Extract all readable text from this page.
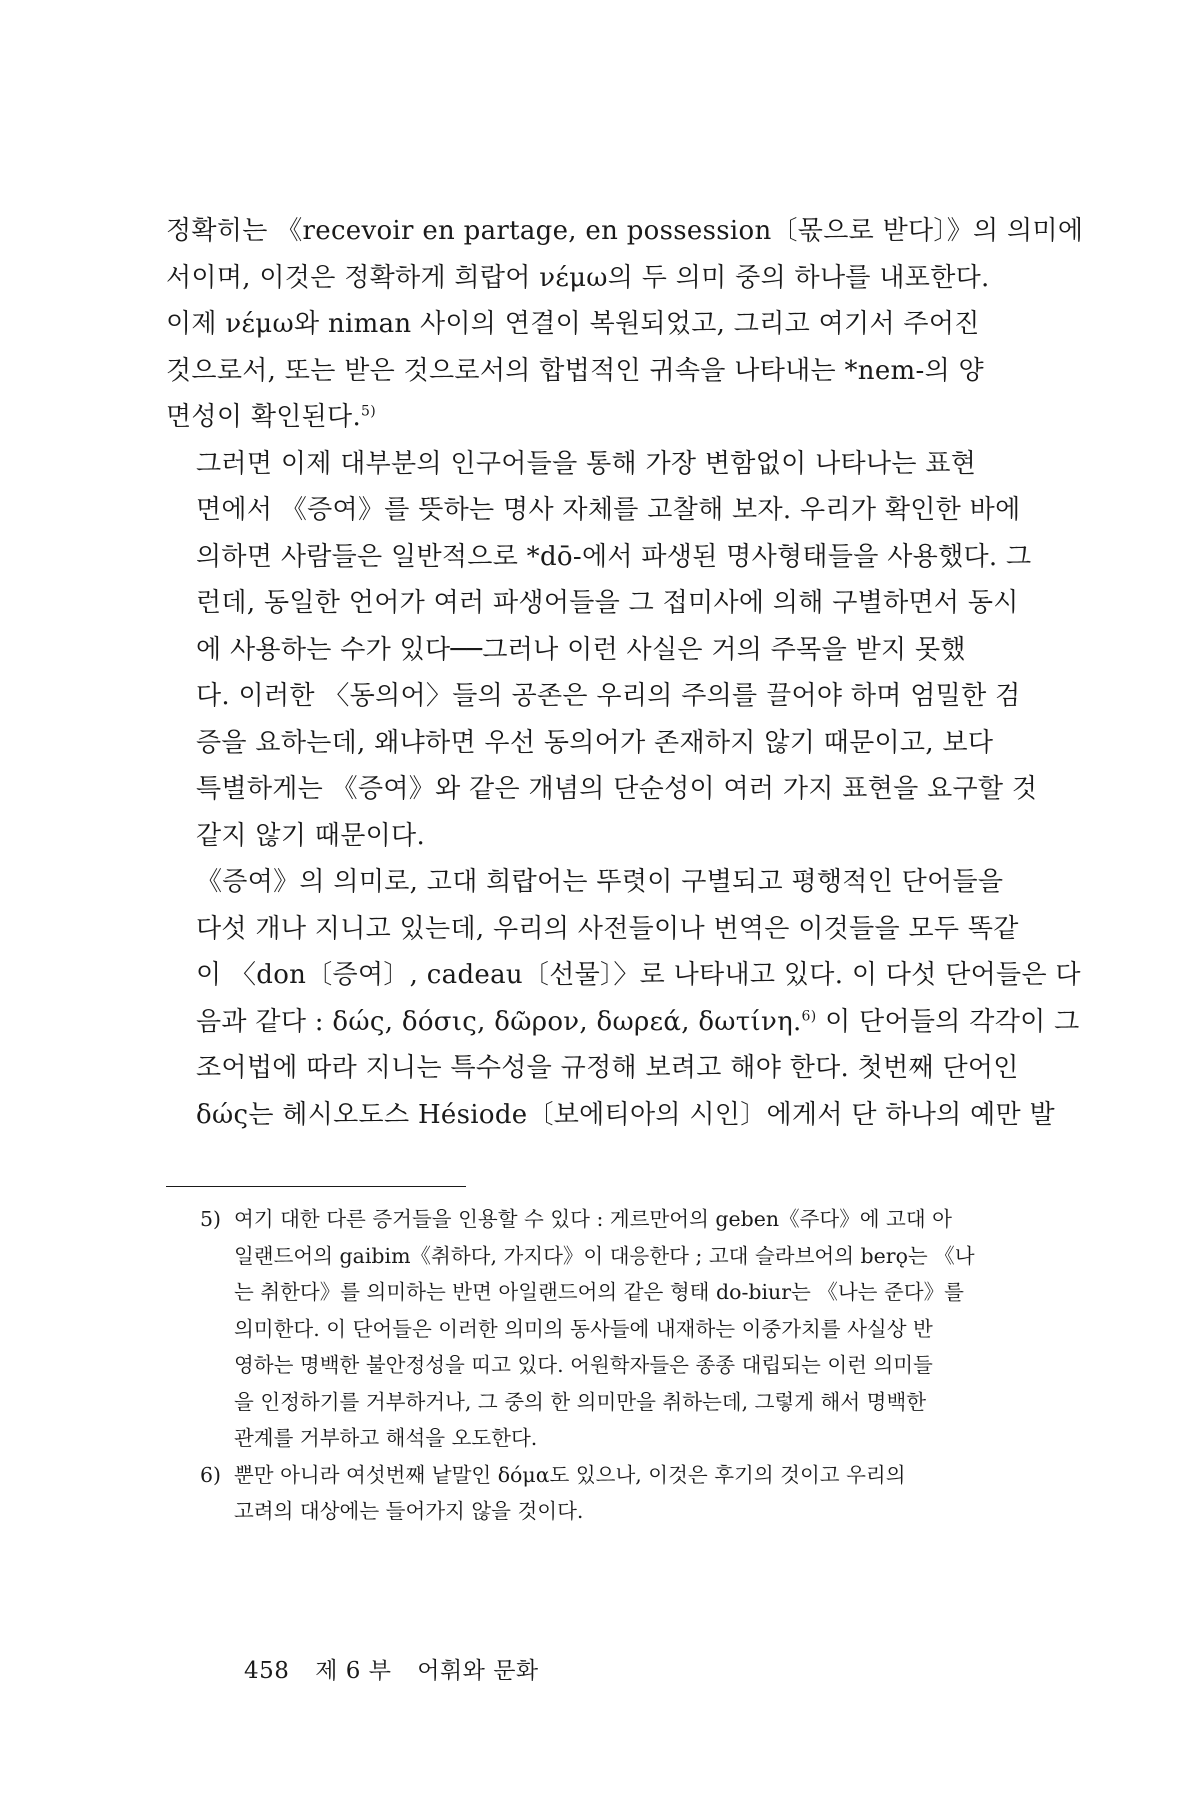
정확히는 《recevoir en partage, en possession〔몫으로 받다〕》의 의미에
서이며, 이것은 정확하게 희랍어 νέμω의 두 의미 중의 하나를 내포한다.
이제 νέμω와 niman 사이의 연결이 복원되었고, 그리고 여기서 주어진
것으로서, 또는 받은 것으로서의 합법적인 귀속을 나타내는 *nem-의 양
면성이 확인된다.$^{5)}$

그러면 이제 대부분의 인구어들을 통해 가장 변함없이 나타나는 표현
면에서 《증여》를 뜻하는 명사 자체를 고찰해 보자. 우리가 확인한 바에
의하면 사람들은 일반적으로 *dō-에서 파생된 명사형태들을 사용했다. 그
런데, 동일한 언어가 여러 파생어들을 그 접미사에 의해 구별하면서 동시
에 사용하는 수가 있다──그러나 이런 사실은 거의 주목을 받지 못했
다. 이러한 〈동의어〉들의 공존은 우리의 주의를 끌어야 하며 엄밀한 검
증을 요하는데, 왜냐하면 우선 동의어가 존재하지 않기 때문이고, 보다
특별하게는 《증여》와 같은 개념의 단순성이 여러 가지 표현을 요구할 것
같지 않기 때문이다.

《증여》의 의미로, 고대 희랍어는 뚜렷이 구별되고 평행적인 단어들을
다섯 개나 지니고 있는데, 우리의 사전들이나 번역은 이것들을 모두 똑같
이 〈don〔증여〕, cadeau〔선물〕〉로 나타내고 있다. 이 다섯 단어들은 다
음과 같다 : δώς, δόσις, δῶρον, δωρεά, δωτίνη.$^{6)}$ 이 단어들의 각각이 그
조어법에 따라 지니는 특수성을 규정해 보려고 해야 한다. 첫번째 단어인
δώς는 헤시오도스 Hésiode〔보에티아의 시인〕에게서 단 하나의 예만 발

5) 여기 대한 다른 증거들을 인용할 수 있다 : 게르만어의 geben《주다》에 고대 아
일랜드어의 gaibim《취하다, 가지다》이 대응한다 ; 고대 슬라브어의 berǫ는 《나
는 취한다》를 의미하는 반면 아일랜드어의 같은 형태 do-biur는 《나는 준다》를
의미한다. 이 단어들은 이러한 의미의 동사들에 내재하는 이중가치를 사실상 반
영하는 명백한 불안정성을 띠고 있다. 어원학자들은 종종 대립되는 이런 의미들
을 인정하기를 거부하거나, 그 중의 한 의미만을 취하는데, 그렇게 해서 명백한
관계를 거부하고 해석을 오도한다.
6) 뿐만 아니라 여섯번째 낱말인 δόμα도 있으나, 이것은 후기의 것이고 우리의
고려의 대상에는 들어가지 않을 것이다.
458 제 6 부 어휘와 문화
